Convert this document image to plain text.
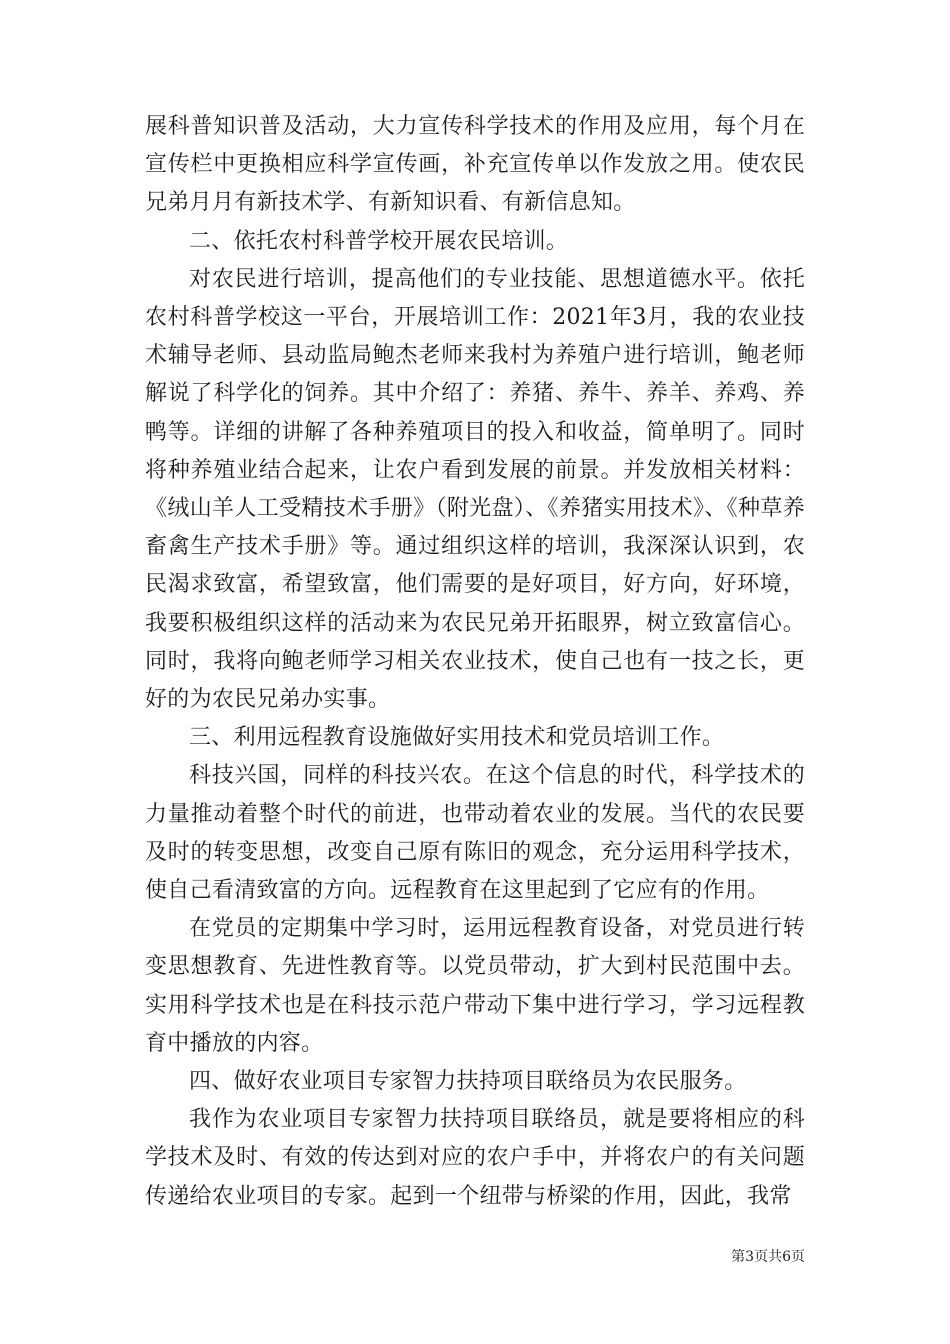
展科普知识普及活动，大力宣传科学技术的作用及应用，每个月在宣传栏中更换相应科学宣传画，补充宣传单以作发放之用。使农民兄弟月月有新技术学、有新知识看、有新信息知。

二、依托农村科普学校开展农民培训。

对农民进行培训，提高他们的专业技能、思想道德水平。依托农村科普学校这一平台，开展培训工作：2021年3月，我的农业技术辅导老师、县动监局鲍杰老师来我村为养殖户进行培训，鲍老师解说了科学化的饲养。其中介绍了：养猪、养牛、养羊、养鸡、养鸭等。详细的讲解了各种养殖项目的投入和收益，简单明了。同时将种养殖业结合起来，让农户看到发展的前景。并发放相关材料：《绒山羊人工受精技术手册》（附光盘）、《养猪实用技术》、《种草养畜禽生产技术手册》等。通过组织这样的培训，我深深认识到，农民渴求致富，希望致富，他们需要的是好项目，好方向，好环境，我要积极组织这样的活动来为农民兄弟开拓眼界，树立致富信心。同时，我将向鲍老师学习相关农业技术，使自己也有一技之长，更好的为农民兄弟办实事。

三、利用远程教育设施做好实用技术和党员培训工作。

科技兴国，同样的科技兴农。在这个信息的时代，科学技术的力量推动着整个时代的前进，也带动着农业的发展。当代的农民要及时的转变思想，改变自己原有陈旧的观念，充分运用科学技术，使自己看清致富的方向。远程教育在这里起到了它应有的作用。

在党员的定期集中学习时，运用远程教育设备，对党员进行转变思想教育、先进性教育等。以党员带动，扩大到村民范围中去。实用科学技术也是在科技示范户带动下集中进行学习，学习远程教育中播放的内容。

四、做好农业项目专家智力扶持项目联络员为农民服务。

我作为农业项目专家智力扶持项目联络员，就是要将相应的科学技术及时、有效的传达到对应的农户手中，并将农户的有关问题传递给农业项目的专家。起到一个纽带与桥梁的作用，因此，我常

第3页共6页
